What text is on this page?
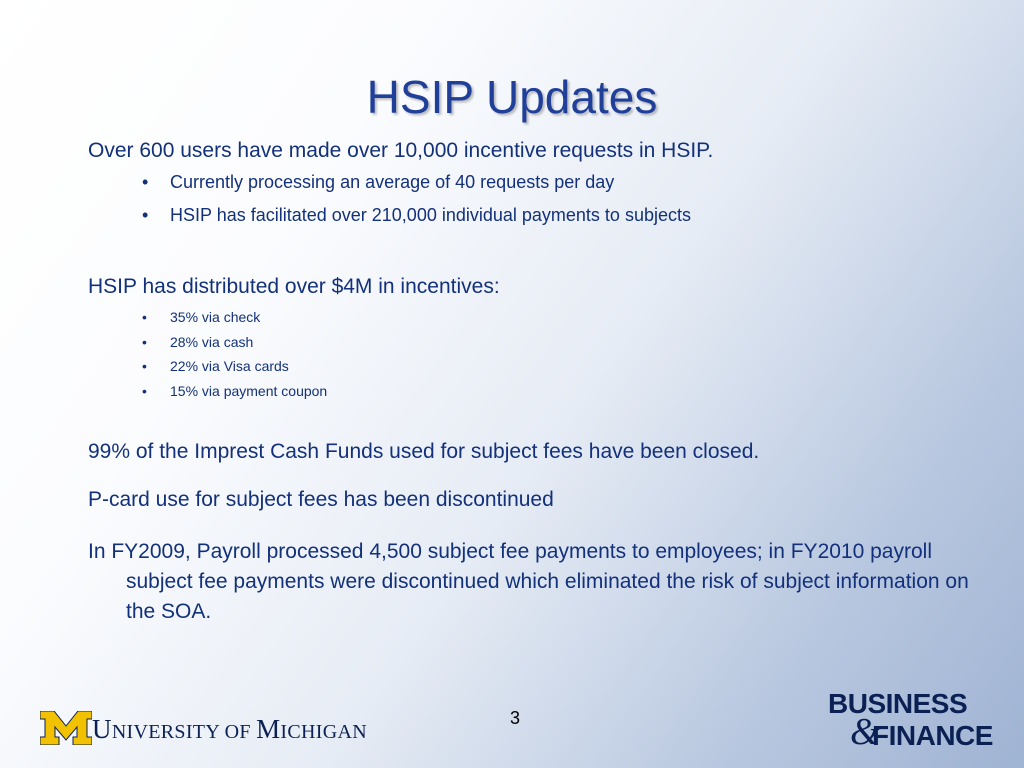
HSIP Updates

Over 600 users have made over 10,000 incentive requests in HSIP.

• Currently processing an average of 40 requests per day

• HSIP has facilitated over 210,000 individual payments to subjects

HSIP has distributed over $4M in incentives:

• 35% via check

• 28% via cash

• 22% via Visa cards

• 15% via payment coupon

99% of the Imprest Cash Funds used for subject fees have been closed.

P-card use for subject fees has been discontinued

In FY2009, Payroll processed 4,500 subject fee payments to employees; in FY2010 payroll subject fee payments were discontinued which eliminated the risk of subject information on the SOA.

UNIVERSITY OF MICHIGAN
3	BUSINESS
&
FINANCE
